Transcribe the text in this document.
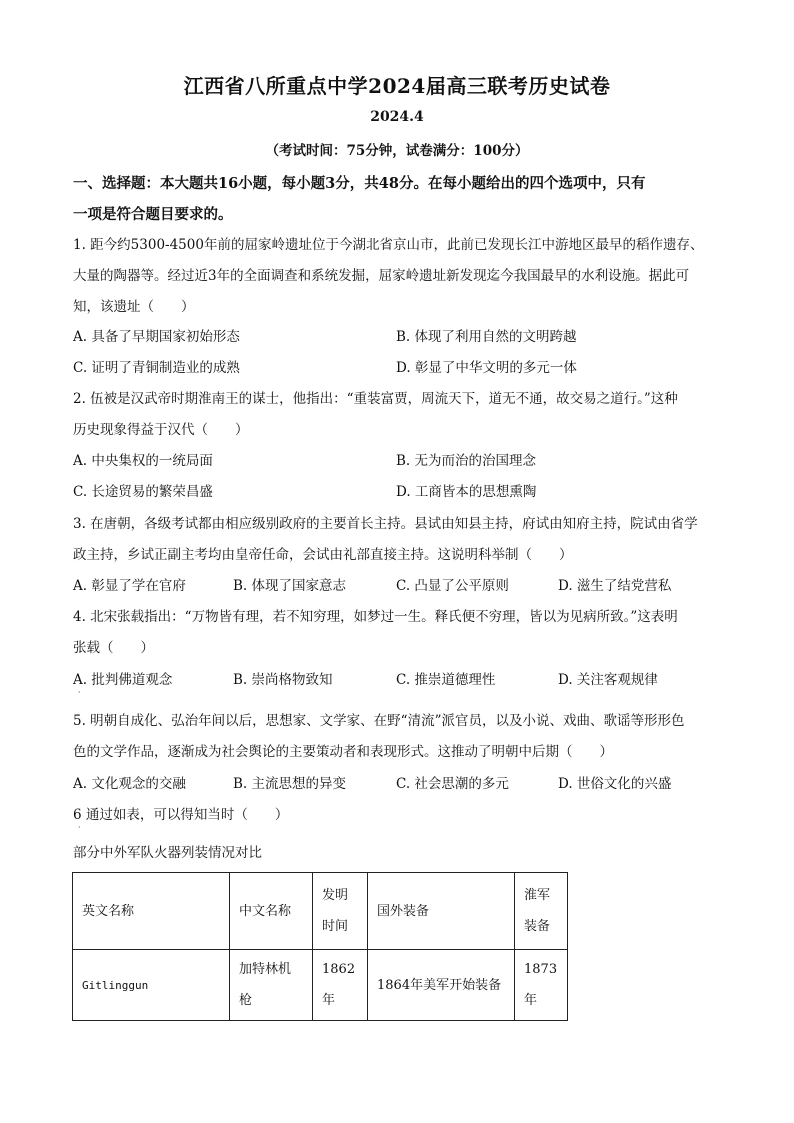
江西省八所重点中学2024届高三联考历史试卷
2024.4
（考试时间：75分钟，试卷满分：100分）
一、选择题：本大题共16小题，每小题3分，共48分。在每小题给出的四个选项中，只有
一项是符合题目要求的。
1. 距今约5300-4500年前的屈家岭遗址位于今湖北省京山市，此前已发现长江中游地区最早的稻作遗存、
大量的陶器等。经过近3年的全面调查和系统发掘，屈家岭遗址新发现迄今我国最早的水利设施。据此可
知，该遗址（　　）
A. 具备了早期国家初始形态	B. 体现了利用自然的文明跨越
C. 证明了青铜制造业的成熟	D. 彰显了中华文明的多元一体
2. 伍被是汉武帝时期淮南王的谋士，他指出：“重装富贾，周流天下，道无不通，故交易之道行。”这种
历史现象得益于汉代（　　）
A. 中央集权的一统局面	B. 无为而治的治国理念
C. 长途贸易的繁荣昌盛	D. 工商皆本的思想熏陶
3. 在唐朝，各级考试都由相应级别政府的主要首长主持。县试由知县主持，府试由知府主持，院试由省学
政主持，乡试正副主考均由皇帝任命，会试由礼部直接主持。这说明科举制（　　）
A. 彰显了学在官府	B. 体现了国家意志	C. 凸显了公平原则	D. 滋生了结党营私
4. 北宋张载指出：“万物皆有理，若不知穷理，如梦过一生。释氏便不穷理，皆以为见病所致。”这表明
张载（　　）
A. 批判佛道观念	B. 崇尚格物致知	C. 推崇道德理性	D. 关注客观规律
·
5. 明朝自成化、弘治年间以后，思想家、文学家、在野“清流”派官员，以及小说、戏曲、歌谣等形形色
色的文学作品，逐渐成为社会舆论的主要策动者和表现形式。这推动了明朝中后期（　　）
A. 文化观念的交融	B. 主流思想的异变	C. 社会思潮的多元	D. 世俗文化的兴盛
6 通过如表，可以得知当时（　　）
·
部分中外军队火器列装情况对比
英文名称	中文名称	发明时间	国外装备	淮军装备
Gitlinggun	加特林机枪	1862年	1864年美军开始装备	1873年
